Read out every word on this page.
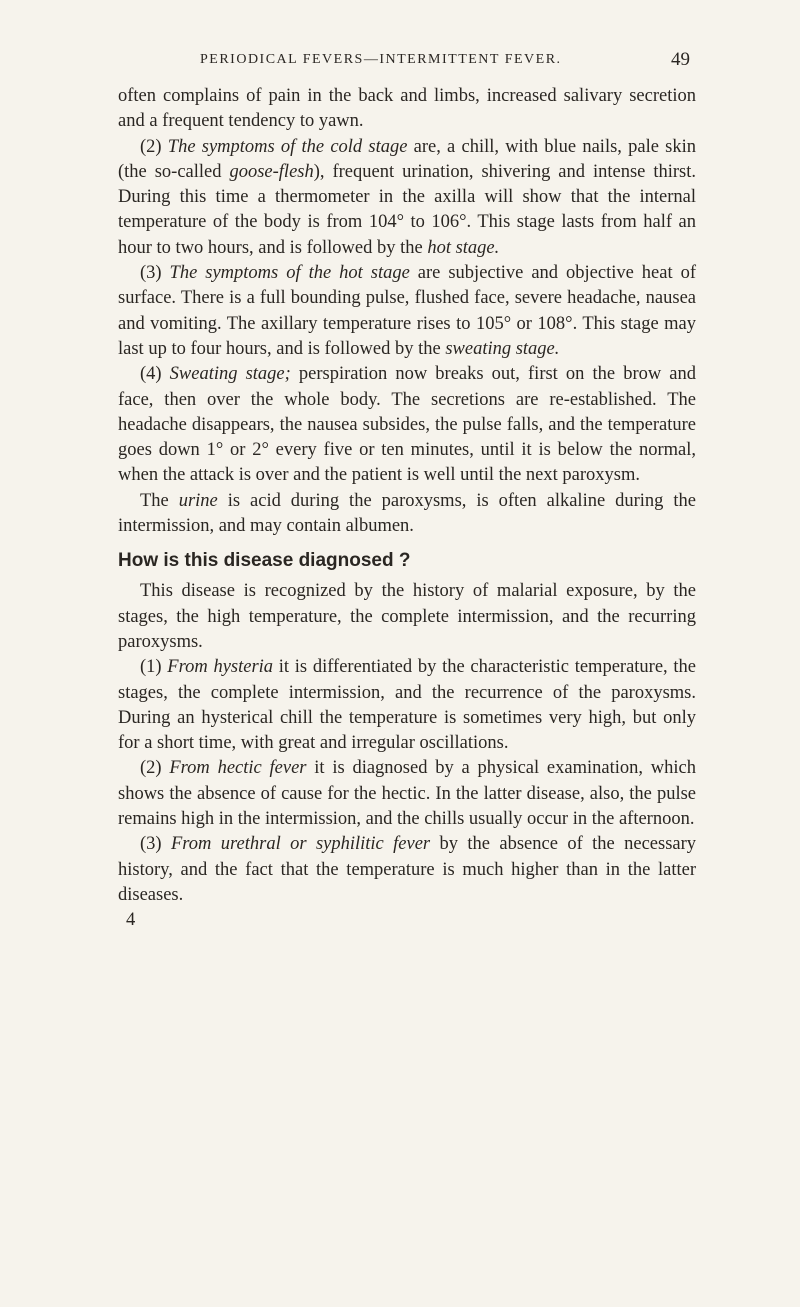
PERIODICAL FEVERS—INTERMITTENT FEVER.	49

often complains of pain in the back and limbs, increased salivary secretion and a frequent tendency to yawn.

(2) The symptoms of the cold stage are, a chill, with blue nails, pale skin (the so-called goose-flesh), frequent urination, shivering and intense thirst. During this time a thermometer in the axilla will show that the internal temperature of the body is from 104° to 106°. This stage lasts from half an hour to two hours, and is followed by the hot stage.

(3) The symptoms of the hot stage are subjective and objective heat of surface. There is a full bounding pulse, flushed face, severe headache, nausea and vomiting. The axillary temperature rises to 105° or 108°. This stage may last up to four hours, and is followed by the sweating stage.

(4) Sweating stage; perspiration now breaks out, first on the brow and face, then over the whole body. The secretions are re-established. The headache disappears, the nausea subsides, the pulse falls, and the temperature goes down 1° or 2° every five or ten minutes, until it is below the normal, when the attack is over and the patient is well until the next paroxysm.

The urine is acid during the paroxysms, is often alkaline during the intermission, and may contain albumen.

How is this disease diagnosed ?

This disease is recognized by the history of malarial exposure, by the stages, the high temperature, the complete intermission, and the recurring paroxysms.

(1) From hysteria it is differentiated by the characteristic temperature, the stages, the complete intermission, and the recurrence of the paroxysms. During an hysterical chill the temperature is sometimes very high, but only for a short time, with great and irregular oscillations.

(2) From hectic fever it is diagnosed by a physical examination, which shows the absence of cause for the hectic. In the latter disease, also, the pulse remains high in the intermission, and the chills usually occur in the afternoon.

(3) From urethral or syphilitic fever by the absence of the necessary history, and the fact that the temperature is much higher than in the latter diseases.

4
